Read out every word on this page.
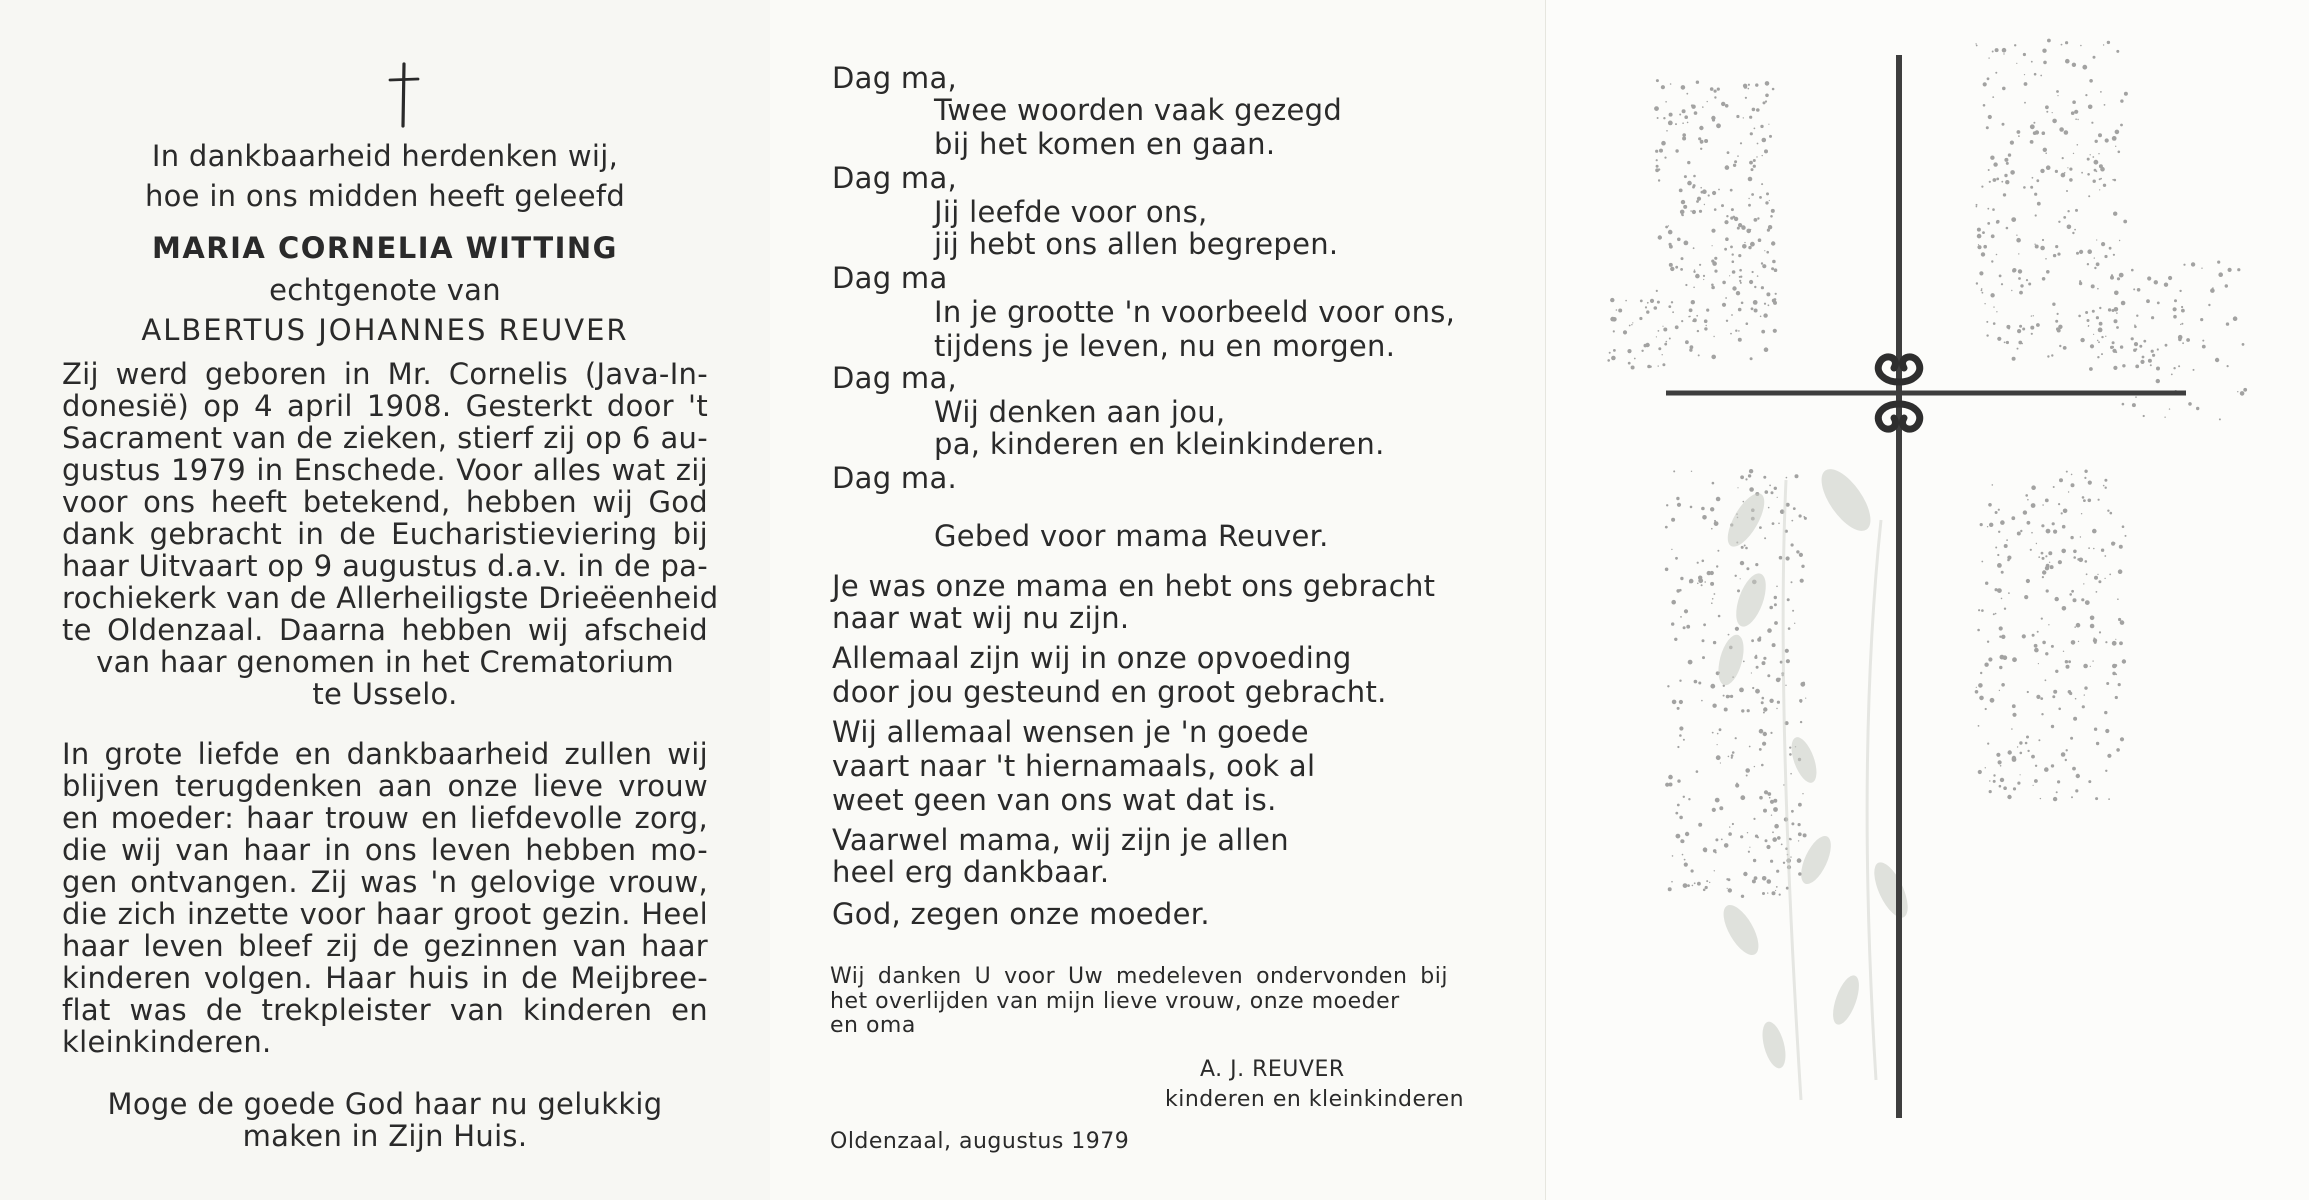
In dankbaarheid herdenken wij,
hoe in ons midden heeft geleefd
MARIA CORNELIA WITTING
echtgenote van
ALBERTUS JOHANNES REUVER
Zij werd geboren in Mr. Cornelis (Java-In-
donesië) op 4 april 1908. Gesterkt door 't
Sacrament van de zieken, stierf zij op 6 au-
gustus 1979 in Enschede. Voor alles wat zij
voor ons heeft betekend, hebben wij God
dank gebracht in de Eucharistieviering bij
haar Uitvaart op 9 augustus d.a.v. in de pa-
rochiekerk van de Allerheiligste Drieëenheid
te Oldenzaal. Daarna hebben wij afscheid
van haar genomen in het Crematorium
te Usselo.
In grote liefde en dankbaarheid zullen wij
blijven terugdenken aan onze lieve vrouw
en moeder: haar trouw en liefdevolle zorg,
die wij van haar in ons leven hebben mo-
gen ontvangen. Zij was 'n gelovige vrouw,
die zich inzette voor haar groot gezin. Heel
haar leven bleef zij de gezinnen van haar
kinderen volgen. Haar huis in de Meijbree-
flat was de trekpleister van kinderen en
kleinkinderen.
Moge de goede God haar nu gelukkig
maken in Zijn Huis.
Dag ma,
Twee woorden vaak gezegd
bij het komen en gaan.
Dag ma,
Jij leefde voor ons,
jij hebt ons allen begrepen.
Dag ma
In je grootte 'n voorbeeld voor ons,
tijdens je leven, nu en morgen.
Dag ma,
Wij denken aan jou,
pa, kinderen en kleinkinderen.
Dag ma.
Gebed voor mama Reuver.
Je was onze mama en hebt ons gebracht
naar wat wij nu zijn.
Allemaal zijn wij in onze opvoeding
door jou gesteund en groot gebracht.
Wij allemaal wensen je 'n goede
vaart naar 't hiernamaals, ook al
weet geen van ons wat dat is.
Vaarwel mama, wij zijn je allen
heel erg dankbaar.
God, zegen onze moeder.
Wij danken U voor Uw medeleven ondervonden bij
het overlijden van mijn lieve vrouw, onze moeder
en oma
A. J. REUVER
kinderen en kleinkinderen
Oldenzaal, augustus 1979
